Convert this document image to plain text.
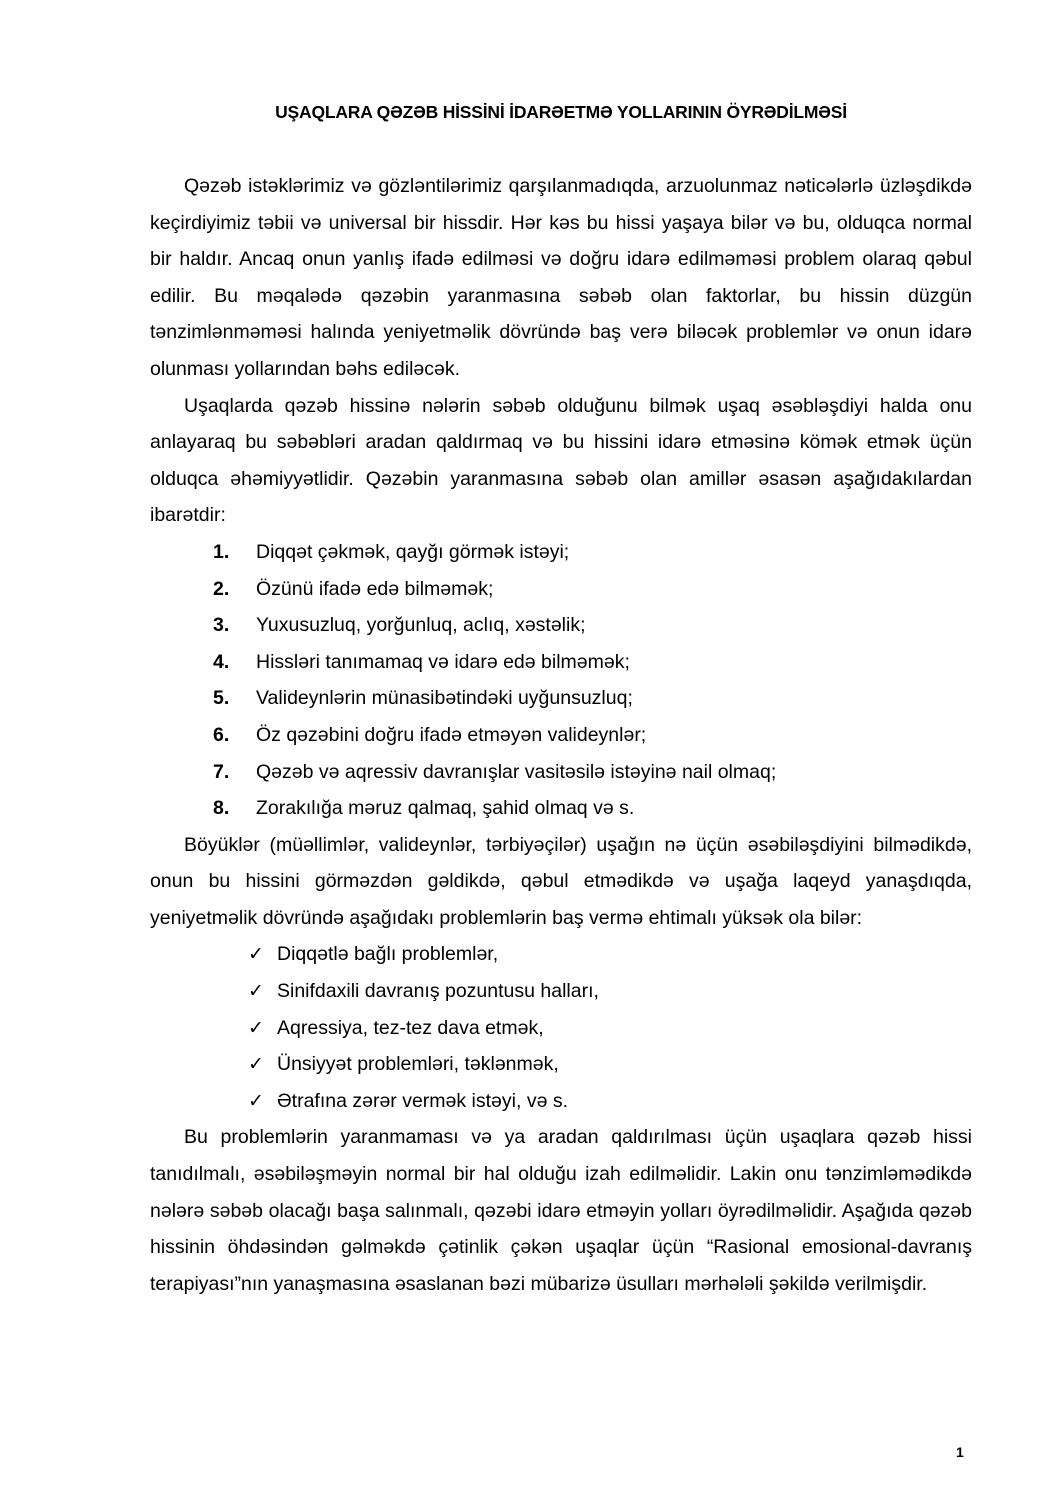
UŞAQLARA QƏZƏB HİSSİNİ İDARƏETMƏ YOLLARININ ÖYRƏDİLMƏSİ

Qəzəb istəklərimiz və gözləntilərimiz qarşılanmadıqda, arzuolunmaz nəticələrlə üzləşdikdə keçirdiyimiz təbii və universal bir hissdir. Hər kəs bu hissi yaşaya bilər və bu, olduqca normal bir haldır. Ancaq onun yanlış ifadə edilməsi və doğru idarə edilməməsi problem olaraq qəbul edilir. Bu məqalədə qəzəbin yaranmasına səbəb olan faktorlar, bu hissin düzgün tənzimlənməməsi halında yeniyetməlik dövründə baş verə biləcək problemlər və onun idarə olunması yollarından bəhs ediləcək.

Uşaqlarda qəzəb hissinə nələrin səbəb olduğunu bilmək uşaq əsəbləşdiyi halda onu anlayaraq bu səbəbləri aradan qaldırmaq və bu hissini idarə etməsinə kömək etmək üçün olduqca əhəmiyyətlidir. Qəzəbin yaranmasına səbəb olan amillər əsasən aşağıdakılardan ibarətdir:

1. Diqqət çəkmək, qayğı görmək istəyi;
2. Özünü ifadə edə bilməmək;
3. Yuxusuzluq, yorğunluq, aclıq, xəstəlik;
4. Hissləri tanımamaq və idarə edə bilməmək;
5. Valideynlərin münasibətindəki uyğunsuzluq;
6. Öz qəzəbini doğru ifadə etməyən valideynlər;
7. Qəzəb və aqressiv davranışlar vasitəsilə istəyinə nail olmaq;
8. Zorakılığa məruz qalmaq, şahid olmaq və s.

Böyüklər (müəllimlər, valideynlər, tərbiyəçilər) uşağın nə üçün əsəbiləşdiyini bilmədikdə, onun bu hissini görməzdən gəldikdə, qəbul etmədikdə və uşağa laqeyd yanaşdıqda, yeniyetməlik dövründə aşağıdakı problemlərin baş vermə ehtimalı yüksək ola bilər:

✓ Diqqətlə bağlı problemlər,
✓ Sinifdaxili davranış pozuntusu halları,
✓ Aqressiya, tez-tez dava etmək,
✓ Ünsiyyət problemləri, təklənmək,
✓ Ətrafına zərər vermək istəyi, və s.

Bu problemlərin yaranmaması və ya aradan qaldırılması üçün uşaqlara qəzəb hissi tanıdılmalı, əsəbiləşməyin normal bir hal olduğu izah edilməlidir. Lakin onu tənzimləmədikdə nələrə səbəb olacağı başa salınmalı, qəzəbi idarə etməyin yolları öyrədilməlidir. Aşağıda qəzəb hissinin öhdəsindən gəlməkdə çətinlik çəkən uşaqlar üçün “Rasional emosional-davranış terapiyası”nın yanaşmasına əsaslanan bəzi mübarizə üsulları mərhələli şəkildə verilmişdir.

1
